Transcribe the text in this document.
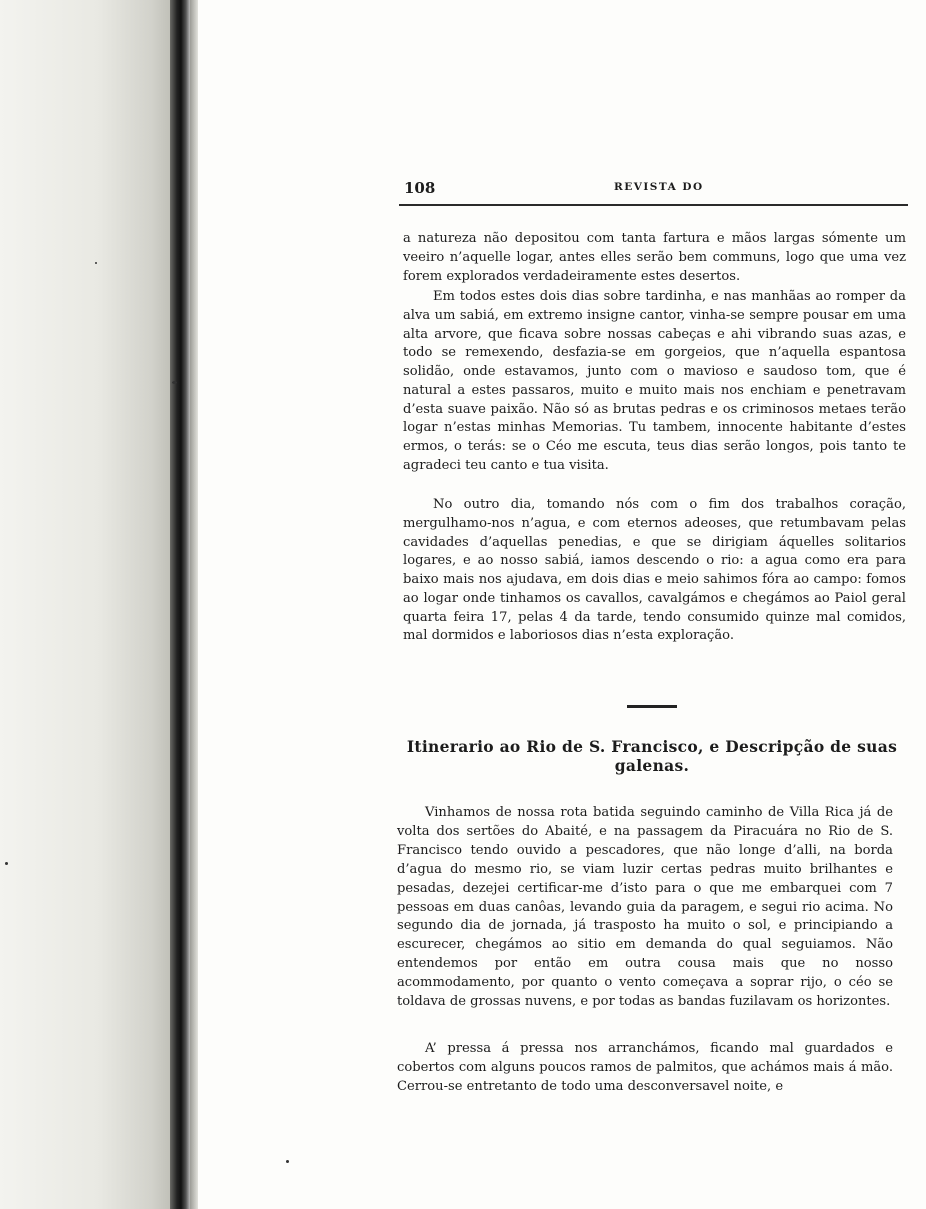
108	REVISTA DO

a natureza não depositou com tanta fartura e mãos largas sómente um veeiro n’aquelle logar, antes elles serão bem communs, logo que uma vez forem explorados verdadeiramente estes desertos.

Em todos estes dois dias sobre tardinha, e nas manhãas ao romper da alva um sabiá, em extremo insigne cantor, vinha-se sempre pousar em uma alta arvore, que ficava sobre nossas cabeças e ahi vibrando suas azas, e todo se remexendo, desfazia-se em gorgeios, que n’aquella espantosa solidão, onde estavamos, junto com o mavioso e saudoso tom, que é natural a estes passaros, muito e muito mais nos enchiam e penetravam d’esta suave paixão. Não só as brutas pedras e os criminosos metaes terão logar n’estas minhas Memorias. Tu tambem, innocente habitante d’estes ermos, o terás: se o Céo me escuta, teus dias serão longos, pois tanto te agradeci teu canto e tua visita.

No outro dia, tomando nós com o fim dos trabalhos coração, mergulhamo-nos n’agua, e com eternos adeoses, que retumbavam pelas cavidades d’aquellas penedias, e que se dirigiam áquelles solitarios logares, e ao nosso sabiá, iamos descendo o rio: a agua como era para baixo mais nos ajudava, em dois dias e meio sahimos fóra ao campo: fomos ao logar onde tinhamos os cavallos, cavalgámos e chegámos ao Paiol geral quarta feira 17, pelas 4 da tarde, tendo consumido quinze mal comidos, mal dormidos e laboriosos dias n’esta exploração.

Itinerario ao Rio de S. Francisco, e Descripção de suas galenas.

Vinhamos de nossa rota batida seguindo caminho de Villa Rica já de volta dos sertões do Abaité, e na passagem da Piracuára no Rio de S. Francisco tendo ouvido a pescadores, que não longe d’alli, na borda d’agua do mesmo rio, se viam luzir certas pedras muito brilhantes e pesadas, dezejei certificar-me d’isto para o que me embarquei com 7 pessoas em duas canôas, levando guia da paragem, e segui rio acima. No segundo dia de jornada, já trasposto ha muito o sol, e principiando a escurecer, chegámos ao sitio em demanda do qual seguiamos. Não entendemos por então em outra cousa mais que no nosso acommodamento, por quanto o vento começava a soprar rijo, o céo se toldava de grossas nuvens, e por todas as bandas fuzilavam os horizontes.

A’ pressa á pressa nos arranchámos, ficando mal guardados e cobertos com alguns poucos ramos de palmitos, que achámos mais á mão. Cerrou-se entretanto de todo uma desconversavel noite, e
